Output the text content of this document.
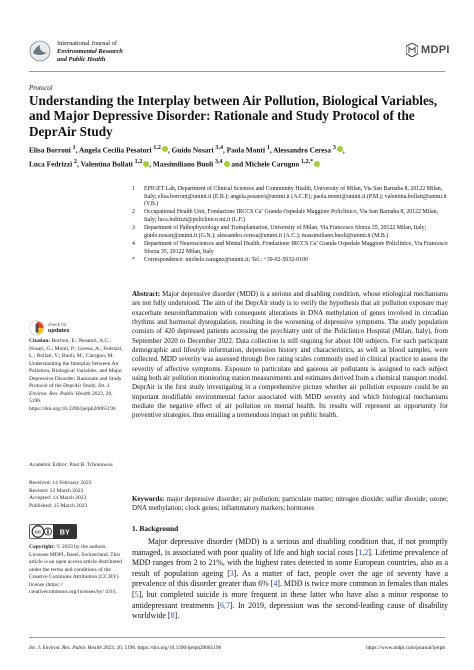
International Journal of
Environmental Research
and Public Health
MDPI
Protocol
Understanding the Interplay between Air Pollution, Biological Variables, and Major Depressive Disorder: Rationale and Study Protocol of the DeprAir Study
Elisa Borroni $^1$, Angela Cecilia Pesatori $^{1,2}$ , Guido Nosari $^{3,4}$, Paola Monti $^1$, Alessandro Ceresa $^3$ ,
Luca Fedrizzi $^2$, Valentina Bollati $^{1,2}$ , Massimiliano Buoli $^{3,4}$ and Michele Carugno $^{1,2,*}$
1	EPIGET Lab, Department of Clinical Sciences and Community Health, University of Milan, Via San Barnaba 8, 20122 Milan, Italy; elisa.borroni@unimi.it (E.B.); angela.pesatori@unimi.it (A.C.P.); paola.monti@unimi.it (P.M.); valentina.bollati@unimi.it (V.B.)
2	Occupational Health Unit, Fondazione IRCCS Ca’ Granda Ospedale Maggiore Policlinico, Via San Barnaba 8, 20122 Milan, Italy; luca.fedrizzi@policlinico.mi.it (L.F.)
3	Department of Pathophysiology and Transplantation, University of Milan, Via Francesco Sforza 35, 20122 Milan, Italy; guido.nosari@unimi.it (G.N.); alessandro.ceresa@unimi.it (A.C.); massimiliano.buoli@unimi.it (M.B.)
4	Department of Neurosciences and Mental Health, Fondazione IRCCS Ca’ Granda Ospedale Maggiore Policlinico, Via Francesco Sforza 35, 20122 Milan, Italy
*	Correspondence: michele.carugno@unimi.it; Tel.: +39-02-5032-0100
Abstract: Major depressive disorder (MDD) is a serious and disabling condition, whose etiological mechanisms are not fully understood. The aim of the DeprAir study is to verify the hypothesis that air pollution exposure may exacerbate neuroinflammation with consequent alterations in DNA methylation of genes involved in circadian rhythms and hormonal dysregulation, resulting in the worsening of depressive symptoms. The study population consists of 420 depressed patients accessing the psychiatry unit of the Policlinico Hospital (Milan, Italy), from September 2020 to December 2022. Data collection is still ongoing for about 100 subjects. For each participant demographic and lifestyle information, depression history and characteristics, as well as blood samples, were collected. MDD severity was assessed through five rating scales commonly used in clinical practice to assess the severity of affective symptoms. Exposure to particulate and gaseous air pollutants is assigned to each subject using both air pollution monitoring station measurements and estimates derived from a chemical transport model. DeprAir is the first study investigating in a comprehensive picture whether air pollution exposure could be an important modifiable environmental factor associated with MDD severity and which biological mechanisms mediate the negative effect of air pollution on mental health. Its results will represent an opportunity for preventive strategies, thus entailing a tremendous impact on public health.
Keywords: major depressive disorder; air pollution; particulate matter; nitrogen dioxide; sulfur dioxide; ozone; DNA methylation; clock genes; inflammatory markers; hormones
1. Background
Major depressive disorder (MDD) is a serious and disabling condition that, if not promptly managed, is associated with poor quality of life and high social costs [1,2]. Lifetime prevalence of MDD ranges from 2 to 21%, with the highest rates detected in some European countries, also as a result of population ageing [3]. As a matter of fact, people over the age of seventy have a prevalence of this disorder greater than 6% [4]. MDD is twice more common in females than males [5], but completed suicide is more frequent in these latter who have also a minor response to antidepressant treatments [6,7]. In 2019, depression was the second-leading cause of disability worldwide [8].
check for
updates
Citation: Borroni, E.; Pesatori, A.C.; Nosari, G.; Monti, P.; Ceresa, A.; Fedrizzi, L.; Bollati, V.; Buoli, M.; Carugno, M. Understanding the Interplay between Air Pollution, Biological Variables, and Major Depressive Disorder: Rationale and Study Protocol of the DeprAir Study. Int. J. Environ. Res. Public Health 2023, 20, 5196. https://doi.org/10.3390/ijerph20065196
Academic Editor: Paul B. Tchounwou
Received: 14 February 2023
Revised: 13 March 2023
Accepted: 14 March 2023
Published: 15 March 2023
cc	BY
Copyright: © 2023 by the authors. Licensee MDPI, Basel, Switzerland. This article is an open access article distributed under the terms and conditions of the Creative Commons Attribution (CC BY) license (https:// creativecommons.org/licenses/by/ 4.0/).
Int. J. Environ. Res. Public Health 2023, 20, 5196. https://doi.org/10.3390/ijerph20065196	https://www.mdpi.com/journal/ijerph
